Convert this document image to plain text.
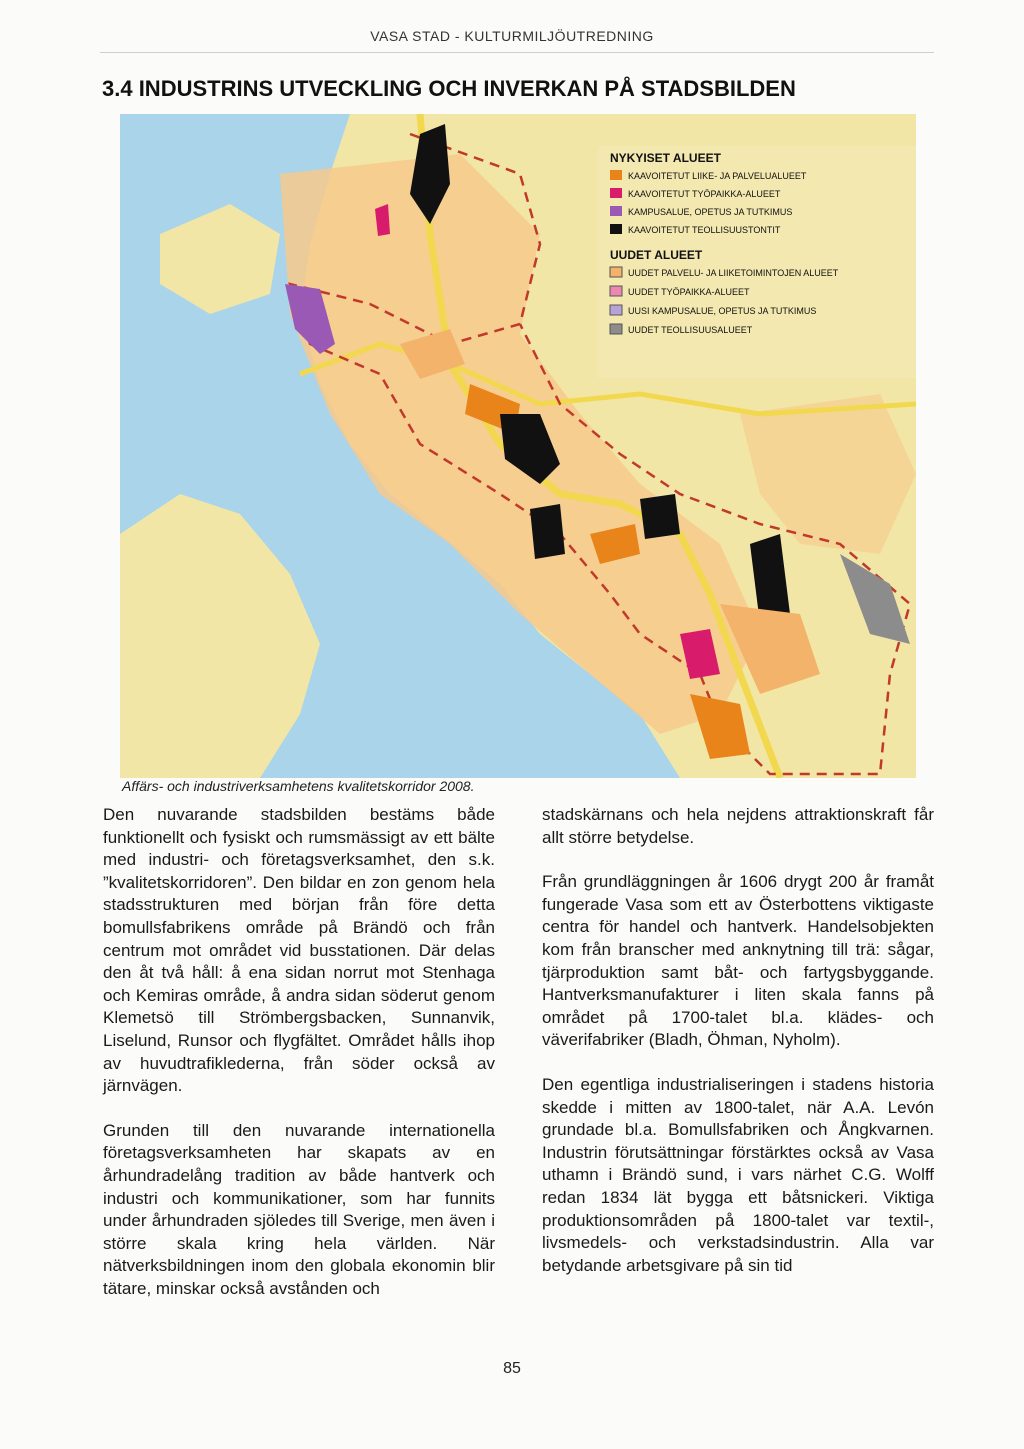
VASA STAD - KULTURMILJÖUTREDNING
3.4 INDUSTRINS UTVECKLING OCH INVERKAN PÅ STADSBILDEN
NYKYISET ALUEET
KAAVOITETUT LIIKE- JA PALVELUALUEET
KAAVOITETUT TYÖPAIKKA-ALUEET
KAMPUSALUE, OPETUS JA TUTKIMUS
KAAVOITETUT TEOLLISUUSTONTIT
UUDET ALUEET
UUDET PALVELU- JA LIIKETOIMINTOJEN ALUEET
UUDET TYÖPAIKKA-ALUEET
UUSI KAMPUSALUE, OPETUS JA TUTKIMUS
UUDET TEOLLISUUSALUEET
Affärs- och industriverksamhetens kvalitetskorridor 2008.

Den nuvarande stadsbilden bestäms både funktionellt och fysiskt och rumsmässigt av ett bälte med industri- och företagsverksamhet, den s.k. ”kvalitetskorridoren”. Den bildar en zon genom hela stadsstrukturen med början från före detta bomullsfabrikens område på Brändö och från centrum mot området vid busstationen. Där delas den åt två håll: å ena sidan norrut mot Stenhaga och Kemiras område, å andra sidan söderut genom Klemetsö till Strömbergsbacken, Sunnanvik, Liselund, Runsor och flygfältet. Området hålls ihop av huvudtrafiklederna, från söder också av järnvägen.

Grunden till den nuvarande internationella företagsverksamheten har skapats av en århundradelång tradition av både hantverk och industri och kommunikationer, som har funnits under århundraden sjöledes till Sverige, men även i större skala kring hela världen. När nätverksbildningen inom den globala ekonomin blir tätare, minskar också avstånden och

stadskärnans och hela nejdens attraktionskraft får allt större betydelse.

Från grundläggningen år 1606 drygt 200 år framåt fungerade Vasa som ett av Österbottens viktigaste centra för handel och hantverk. Handelsobjekten kom från branscher med anknytning till trä: sågar, tjärproduktion samt båt- och fartygsbyggande. Hantverksmanufakturer i liten skala fanns på området på 1700-talet bl.a. klädes- och väverifabriker (Bladh, Öhman, Nyholm).

Den egentliga industrialiseringen i stadens historia skedde i mitten av 1800-talet, när A.A. Levón grundade bl.a. Bomullsfabriken och Ångkvarnen. Industrin förutsättningar förstärktes också av Vasa uthamn i Brändö sund, i vars närhet C.G. Wolff redan 1834 lät bygga ett båtsnickeri. Viktiga produktionsområden på 1800-talet var textil-, livsmedels- och verkstadsindustrin. Alla var betydande arbetsgivare på sin tid

85
